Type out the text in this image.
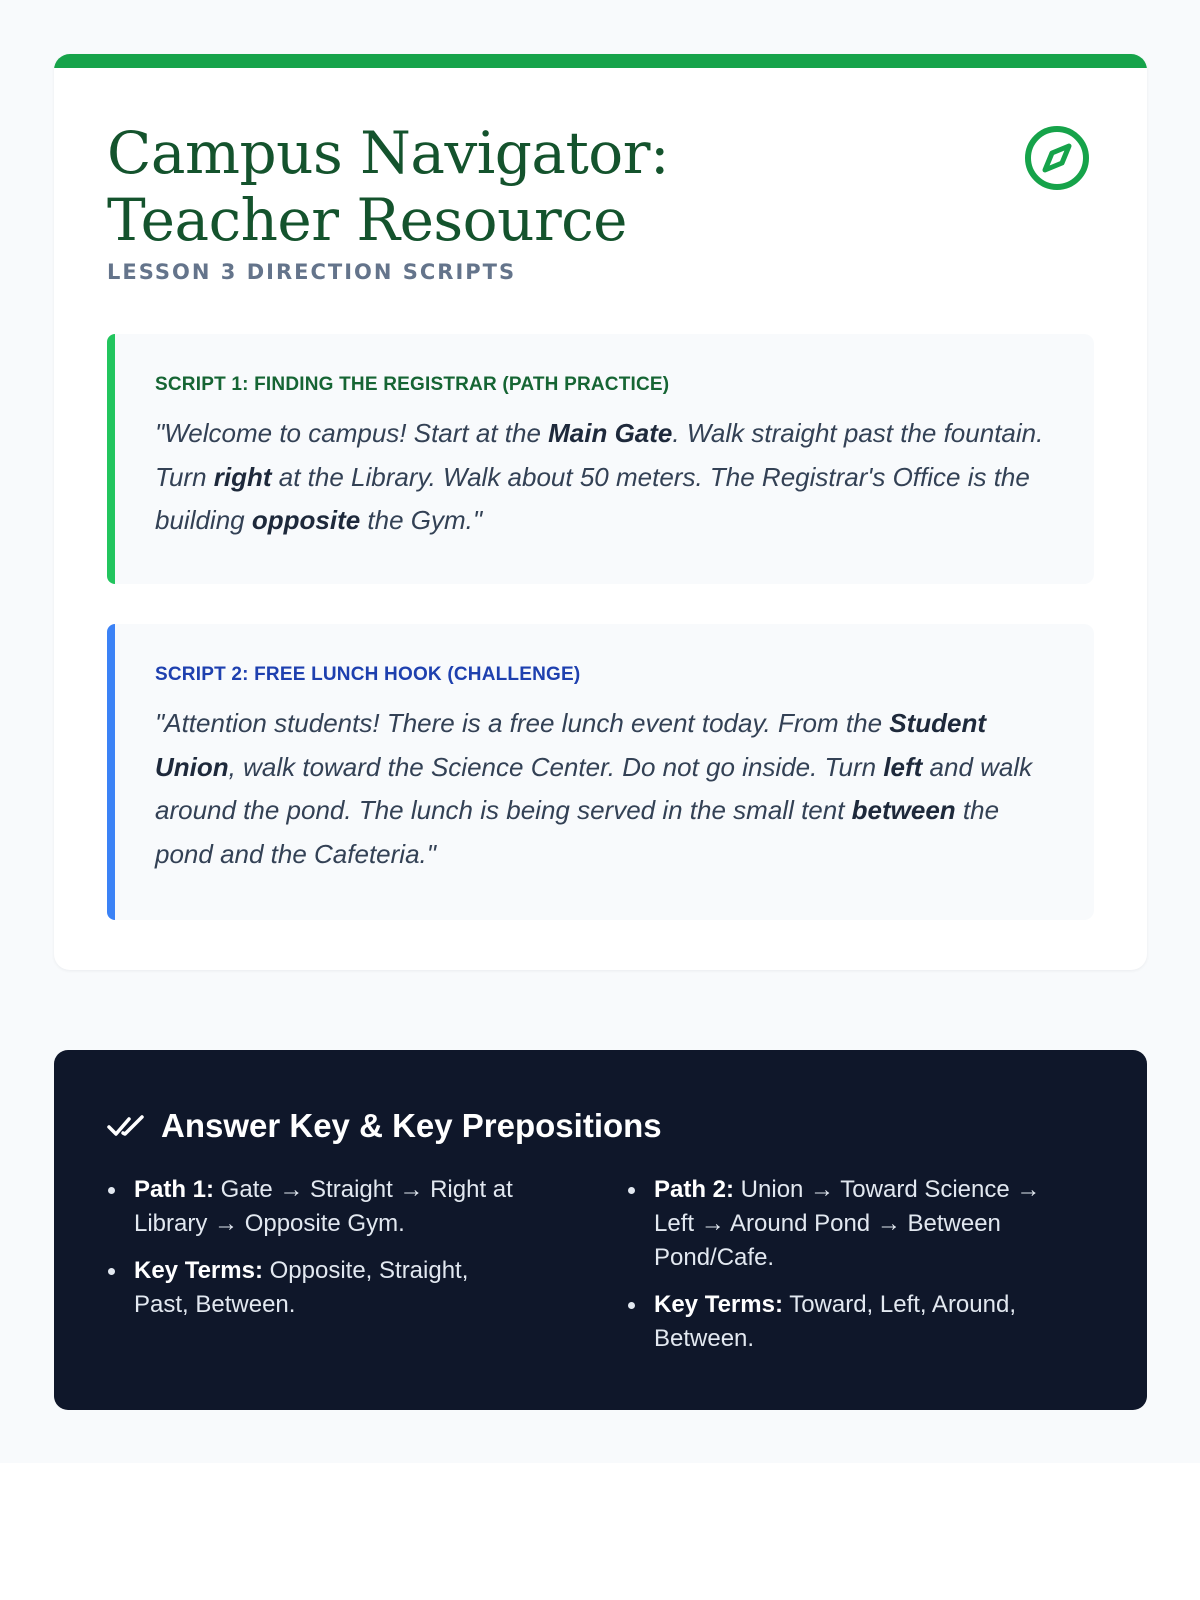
Campus Navigator: Teacher Resource
LESSON 3 DIRECTION SCRIPTS

SCRIPT 1: FINDING THE REGISTRAR (PATH PRACTICE)

"Welcome to campus! Start at the Main Gate. Walk straight past the fountain. Turn right at the Library. Walk about 50 meters. The Registrar's Office is the building opposite the Gym."

SCRIPT 2: FREE LUNCH HOOK (CHALLENGE)

"Attention students! There is a free lunch event today. From the Student Union, walk toward the Science Center. Do not go inside. Turn left and walk around the pond. The lunch is being served in the small tent between the pond and the Cafeteria."

Answer Key & Key Prepositions
Path 1: Gate → Straight → Right at Library → Opposite Gym.
Key Terms: Opposite, Straight, Past, Between.
Path 2: Union → Toward Science → Left → Around Pond → Between Pond/Cafe.
Key Terms: Toward, Left, Around, Between.
